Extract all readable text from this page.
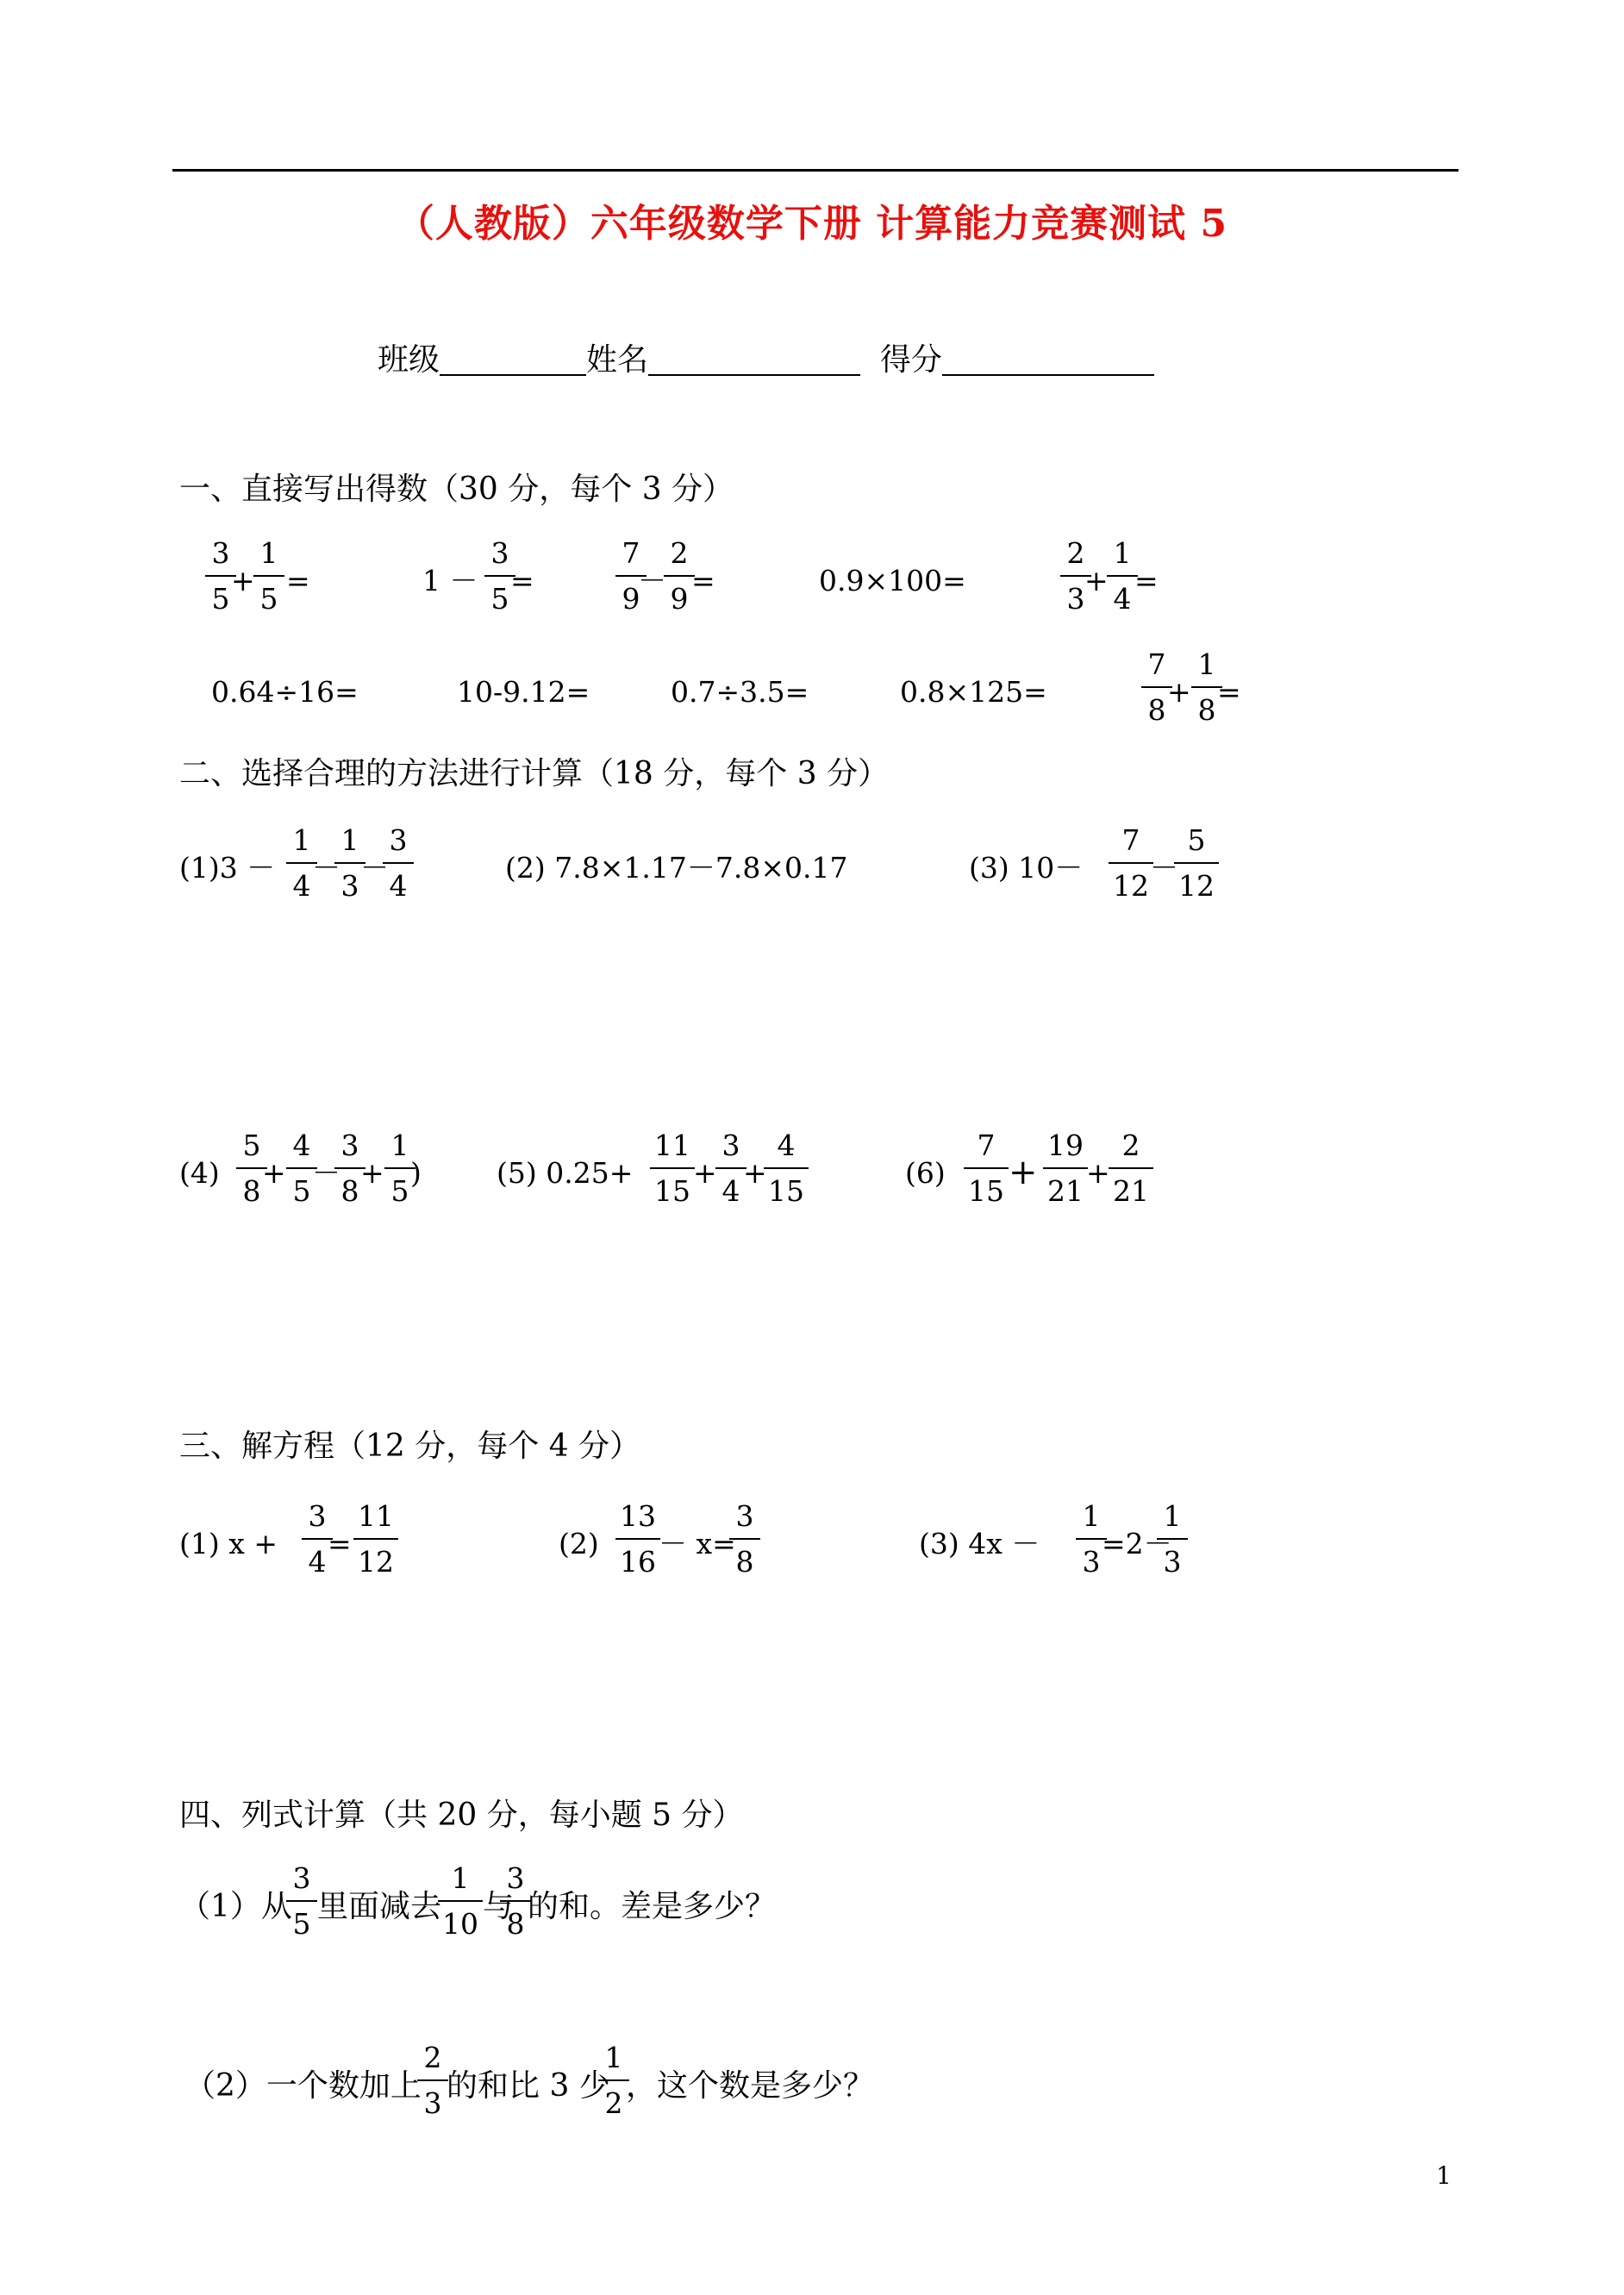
（人教版）六年级数学下册 计算能力竞赛测试 5
班级	姓名	得分
一、直接写出得数（30 分，每个 3 分）
3
5
+
1
5
=	1 －
3
5
=
7
9
－
2
9
=	0.9×100=
2
3
+
1
4
=
0.64÷16=	10-9.12=	0.7÷3.5=	0.8×125=
7
8
+
1
8
=
二、选择合理的方法进行计算（18 分，每个 3 分）
(1)3 －
1
4
－
1
3
－
3
4
(2) 7.8×1.17－7.8×0.17	(3) 10－
7
12
－
5
12
(4)
5
8
+
4
5
－
3
8
+
1
5
)	(5) 0.25+
11
15
+
3
4
+
4
15
(6)
7
15 +
19
21
+
2
21
三、解方程（12 分，每个 4 分）
(1) x +
3
4
=
11
12
(2)
13
16
－ x=
3
8
(3) 4x －
1
3
=2－
1
3
四、列式计算（共 20 分，每小题 5 分）
（1）从
3
5 里面减去
1
10 与
3
8 的和。差是多少？
（2）一个数加上
2
3 的和比 3 少
1
2 ，这个数是多少？
1
